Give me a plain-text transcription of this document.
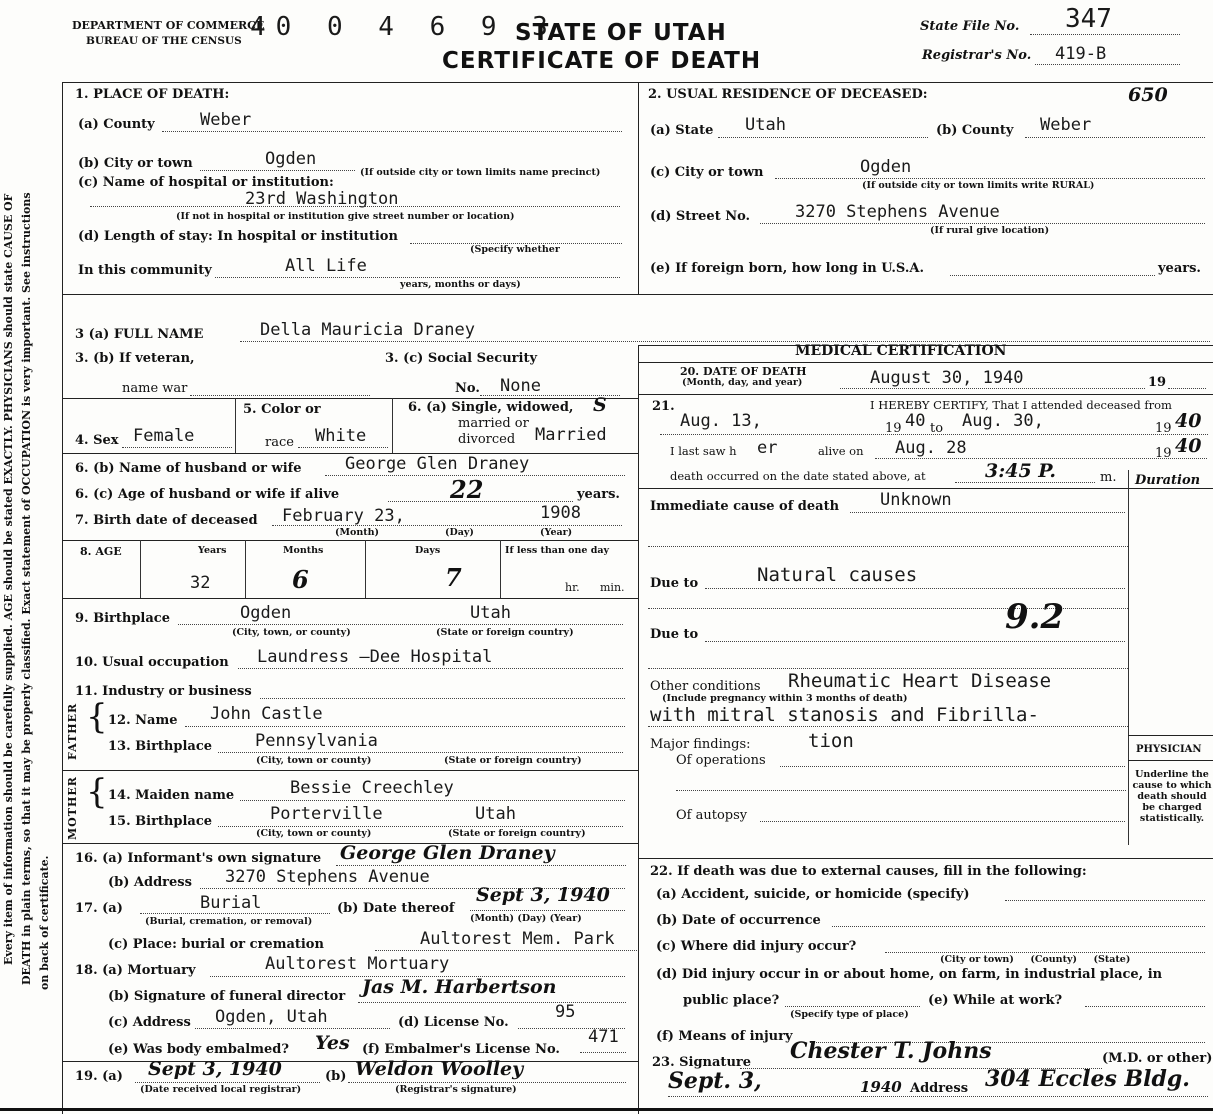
Every item of information should be carefully supplied. AGE should be stated EXACTLY. PHYSICIANS should state CAUSE OF DEATH in plain terms, so that it may be properly classified. Exact statement of OCCUPATION is very important. See instructions on back of certificate.
DEPARTMENT OF COMMERCE
BUREAU OF THE CENSUS 40 0 4 6 9 3
STATE OF UTAH
CERTIFICATE OF DEATH
State File No. 347
Registrar's No. 419-B
1. PLACE OF DEATH:
(a) County	Weber
(b) City or town	Ogden
(If outside city or town limits name precinct)
(c) Name of hospital or institution:
23rd Washington
(If not in hospital or institution give street number or location)
(d) Length of stay: In hospital or institution
(Specify whether
In this community	All Life
years, months or days)
2. USUAL RESIDENCE OF DECEASED:	650
(a) State Utah	(b) County Weber
(c) City or town	Ogden
(If outside city or town limits write RURAL)
(d) Street No.	3270 Stephens Avenue
(If rural give location)
(e) If foreign born, how long in U.S.A.	years.
3 (a) FULL NAME	Della Mauricia Draney
3. (b) If veteran,
name war
3. (c) Social Security
No. None
4. Sex Female
5. Color or
race White
6. (a) Single, widowed, S
married or
divorced Married
6. (b) Name of husband or wife	George Glen Draney
6. (c) Age of husband or wife if alive	22	years.
7. Birth date of deceased February 23,	1908
(Month)	(Day)	(Year)
8. AGE	Years	Months	Days	If less than one day
32	6	7	hr. min.
9. Birthplace	Ogden	Utah
(City, town, or county)	(State or foreign country)
10. Usual occupation Laundress —Dee Hospital
11. Industry or business
FATHER { 12. Name John Castle
13. Birthplace	Pennsylvania
(City, town or county)	(State or foreign country)
MOTHER { 14. Maiden name	Bessie Creechley
15. Birthplace	Porterville	Utah
(City, town or county)	(State or foreign country)
16. (a) Informant's own signature George Glen Draney
(b) Address 3270 Stephens Avenue
17. (a)	Burial
(Burial, cremation, or removal)
(b) Date thereof
Sept 3, 1940
(Month) (Day) (Year)
(c) Place: burial or cremation	Aultorest Mem. Park
18. (a) Mortuary	Aultorest Mortuary
(b) Signature of funeral director Jas M. Harbertson
(c) Address Ogden, Utah	(d) License No.
95
(e) Was body embalmed? Yes (f) Embalmer's License No.
471
19. (a) Sept 3, 1940	(b) Weldon Woolley
(Date received local registrar)	(Registrar's signature)
MEDICAL CERTIFICATION
20. DATE OF DEATH
(Month, day, and year)	August 30, 1940	19
21.	I HEREBY CERTIFY, That I attended deceased from
Aug. 13,	19 40 to Aug. 30,	19 40
I last saw h er	alive on Aug. 28	19 40
death occurred on the date stated above, at	3:45 P.	m. Duration
Immediate cause of death Unknown
Due to	Natural causes
Due to	9.2
Other conditions Rheumatic Heart Disease
(Include pregnancy within 3 months of death)
with mitral stanosis and Fibrilla-
Major findings:	tion
Of operations
Of autopsy
PHYSICIAN
Underline the cause to which death should be charged statistically.
22. If death was due to external causes, fill in the following:
(a) Accident, suicide, or homicide (specify)
(b) Date of occurrence
(c) Where did injury occur?
(City or town)     (County)     (State)
(d) Did injury occur in or about home, on farm, in industrial place, in
public place?
(Specify type of place)
(e) While at work?
(f) Means of injury
23. Signature Chester T. Johns	(M.D. or other)
Sept. 3,	1940 Address 304 Eccles Bldg.
